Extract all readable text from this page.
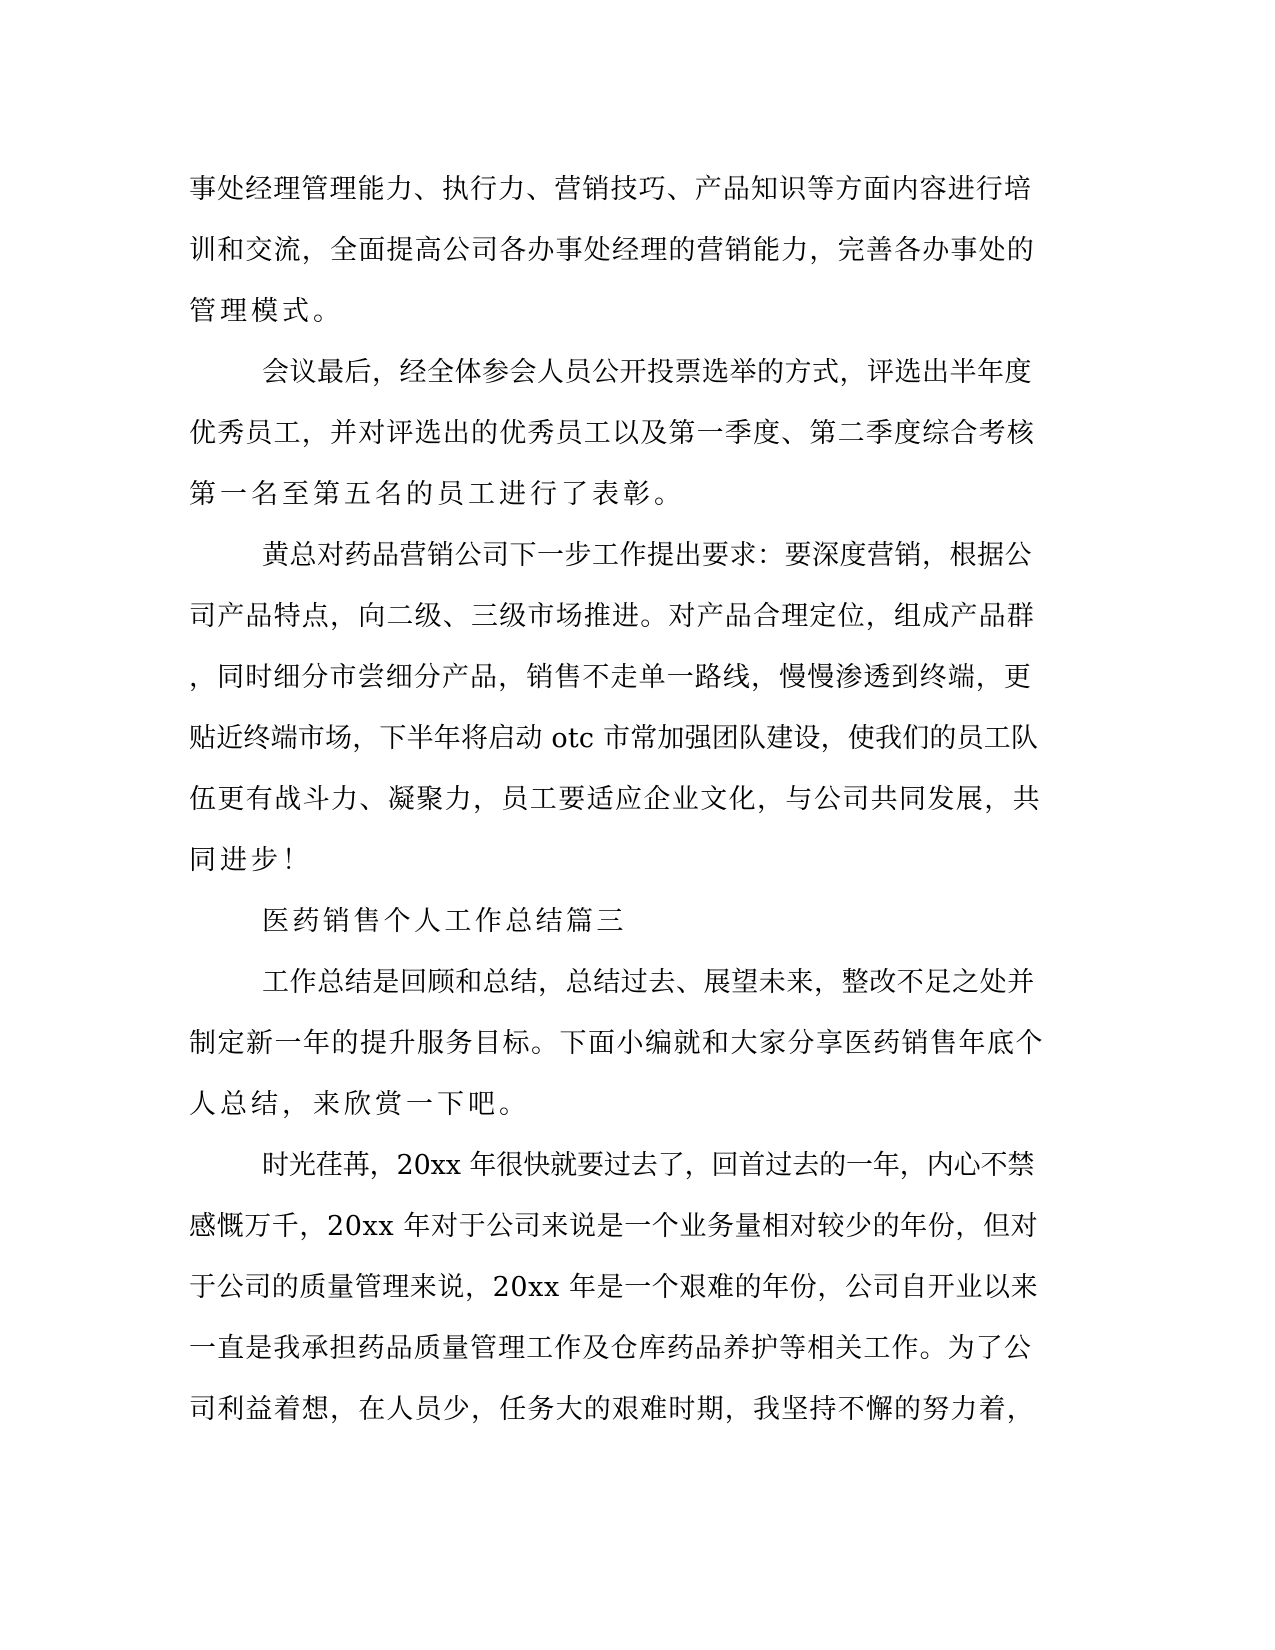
事处经理管理能力、执行力、营销技巧、产品知识等方面内容进行培
训和交流，全面提高公司各办事处经理的营销能力，完善各办事处的
管理模式。
会议最后，经全体参会人员公开投票选举的方式，评选出半年度
优秀员工，并对评选出的优秀员工以及第一季度、第二季度综合考核
第一名至第五名的员工进行了表彰。
黄总对药品营销公司下一步工作提出要求：要深度营销，根据公
司产品特点，向二级、三级市场推进。对产品合理定位，组成产品群
，同时细分市尝细分产品，销售不走单一路线，慢慢渗透到终端，更
贴近终端市场，下半年将启动 otc 市常加强团队建设，使我们的员工队
伍更有战斗力、凝聚力，员工要适应企业文化，与公司共同发展，共
同进步！
医药销售个人工作总结篇三
工作总结是回顾和总结，总结过去、展望未来，整改不足之处并
制定新一年的提升服务目标。下面小编就和大家分享医药销售年底个
人总结，来欣赏一下吧。
时光荏苒，20xx 年很快就要过去了，回首过去的一年，内心不禁
感慨万千，20xx 年对于公司来说是一个业务量相对较少的年份，但对
于公司的质量管理来说，20xx 年是一个艰难的年份，公司自开业以来
一直是我承担药品质量管理工作及仓库药品养护等相关工作。为了公
司利益着想，在人员少，任务大的艰难时期，我坚持不懈的努力着，
